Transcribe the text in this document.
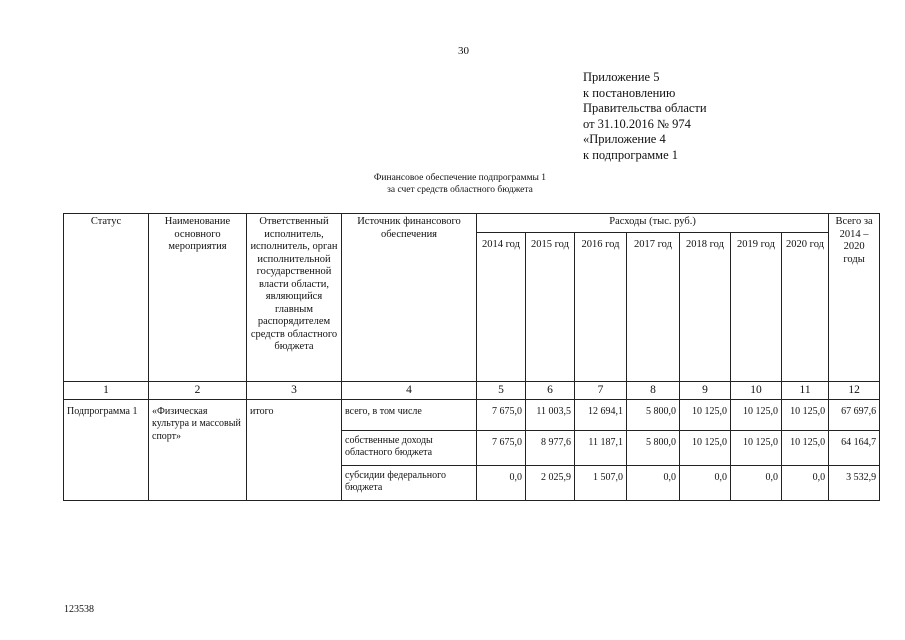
30
Приложение 5
к постановлению
Правительства области
от 31.10.2016 № 974
«Приложение 4
к подпрограмме 1
Финансовое обеспечение подпрограммы 1
за счет средств областного бюджета
Статус	Наименование основного мероприятия	Ответственный исполнитель, исполнитель, орган исполнительной государственной власти области, являющийся главным распорядителем средств областного бюджета	Источник финансового обеспечения	Расходы (тыс. руб.)							Всего за 2014 – 2020 годы
				2014 год	2015 год	2016 год	2017 год	2018 год	2019 год	2020 год	
1	2	3	4	5	6	7	8	9	10	11	12
Подпрограмма 1	«Физическая культура и массовый спорт»	итого	всего, в том числе	7 675,0	11 003,5	12 694,1	5 800,0	10 125,0	10 125,0	10 125,0	67 697,6
			собственные доходы областного бюджета	7 675,0	8 977,6	11 187,1	5 800,0	10 125,0	10 125,0	10 125,0	64 164,7
			субсидии федерального бюджета	0,0	2 025,9	1 507,0	0,0	0,0	0,0	0,0	3 532,9
123538
